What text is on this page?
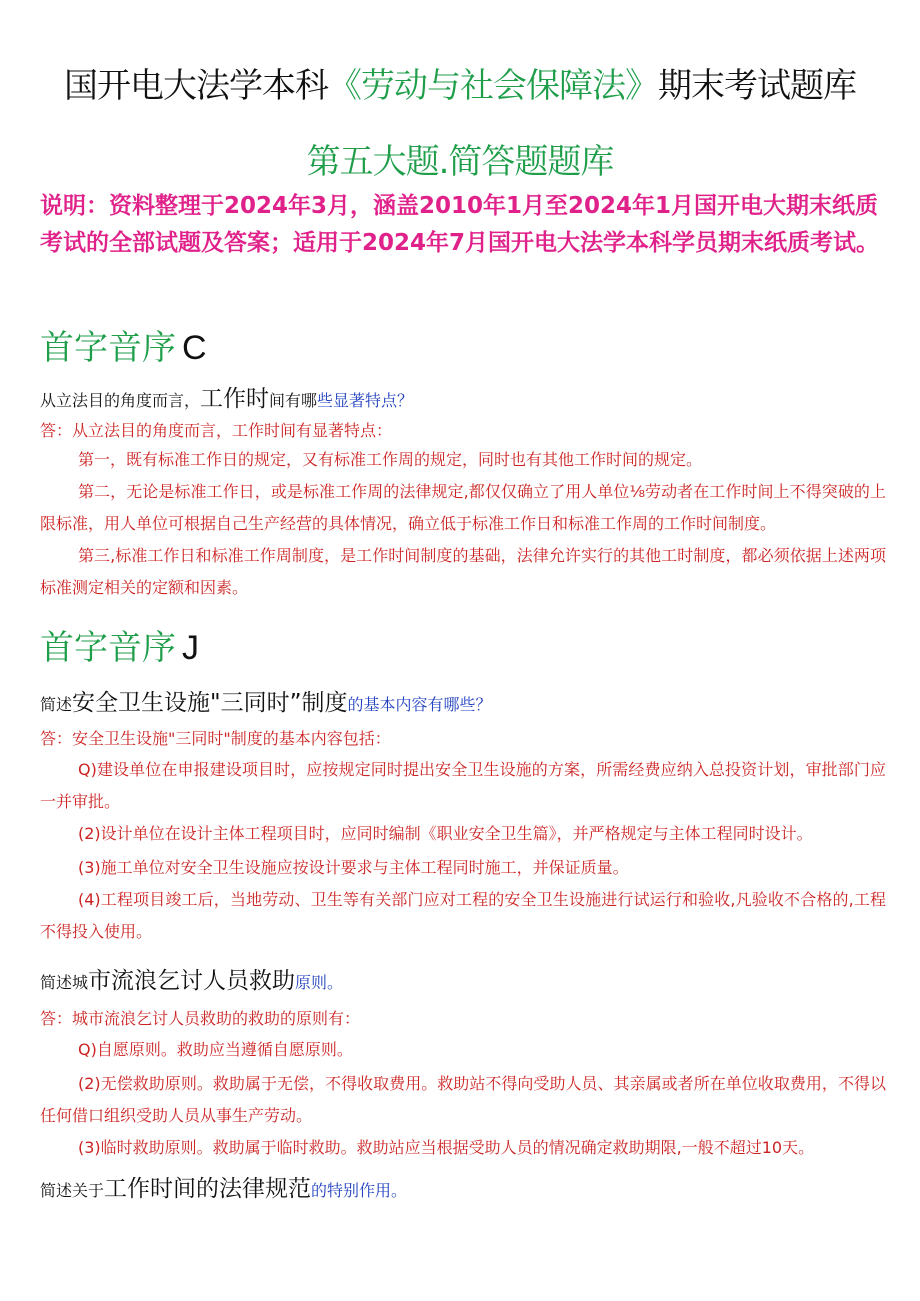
国开电大法学本科《劳动与社会保障法》期末考试题库
第五大题.简答题题库
说明：资料整理于2024年3月，涵盖2010年1月至2024年1月国开电大期末纸质考试的全部试题及答案；适用于2024年7月国开电大法学本科学员期末纸质考试。
首字音序 C
从立法目的角度而言，工作时间有哪些显著特点？
答：从立法目的角度而言，工作时间有显著特点：

第一，既有标准工作日的规定，又有标准工作周的规定，同时也有其他工作时间的规定。

第二，无论是标准工作日，或是标准工作周的法律规定,都仅仅确立了用人单位⅛劳动者在工作时间上不得突破的上限标准，用人单位可根据自己生产经营的具体情况，确立低于标准工作日和标准工作周的工作时间制度。

第三,标准工作日和标准工作周制度，是工作时间制度的基础，法律允许实行的其他工时制度，都必须依据上述两项标准测定相关的定额和因素。

首字音序 J
简述安全卫生设施"三同时”制度的基本内容有哪些？
答：安全卫生设施"三同时"制度的基本内容包括：

Q)建设单位在申报建设项目时，应按规定同时提出安全卫生设施的方案，所需经费应纳入总投资计划，审批部门应一并审批。

(2)设计单位在设计主体工程项目时，应同时编制《职业安全卫生篇》，并严格规定与主体工程同时设计。

(3)施工单位对安全卫生设施应按设计要求与主体工程同时施工，并保证质量。

(4)工程项目竣工后，当地劳动、卫生等有关部门应对工程的安全卫生设施进行试运行和验收,凡验收不合格的,工程不得投入使用。

简述城市流浪乞讨人员救助原则。
答：城市流浪乞讨人员救助的救助的原则有：

Q)自愿原则。救助应当遵循自愿原则。

(2)无偿救助原则。救助属于无偿，不得收取费用。救助站不得向受助人员、其亲属或者所在单位收取费用，不得以任何借口组织受助人员从事生产劳动。

(3)临时救助原则。救助属于临时救助。救助站应当根据受助人员的情况确定救助期限,一般不超过10天。

简述关于工作时间的法律规范的特别作用。
